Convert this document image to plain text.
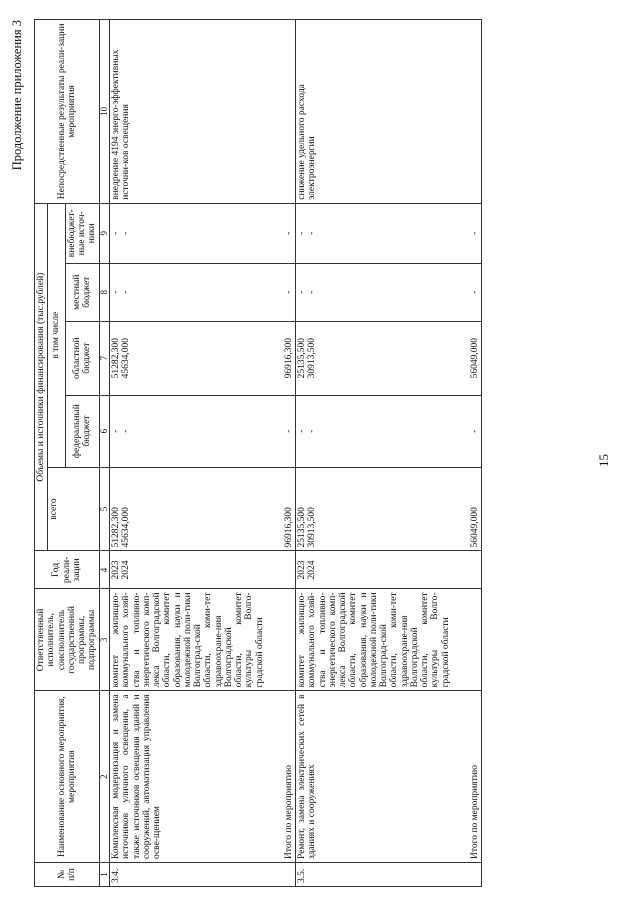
Продолжение приложения 3
№ п/п	Наименование основного мероприятия, мероприятия	Ответственный исполнитель, соисполнитель государственной программы, подпрограммы	Год реали-зации	Объемы и источники финансирования (тыс.рублей)					Непосредственные результаты реали-зации мероприятия
				всего	в том числе				
					федеральный бюджет	областной бюджет	местный бюджет	внебюджет-ные источ-ники	
1	2	3	4	5	6	7	8	9	10
3.4.	Комплексная модернизация и замена источников уличного освещения, а также источников освещения зданий и сооружений, автоматизация управления осве-щением	комитет жилищно-коммунального хозяй-ства и топливно-энергетического комп-лекса Волгоградской области, комитет образования, науки и молодежной поли-тики Волгоград-ской области, коми-тет здравоохране-ния Волгоградской области, комитет культуры Волго-градской области	2023 2024	51282,300 45634,000	- -	51282,300 45634,000	- -	- -	внедрение 4194 энерго-эффективных источни-ков освещения
	Итого по мероприятию			96916,300	-	96916,300	-	-	
3.5.	Ремонт, замена электрических сетей в зданиях и сооружениях	комитет жилищно-коммунального хозяй-ства и топливно-энергетического комп-лекса Волгоградской области, комитет образования, науки и молодежной поли-тики Волгоград-ской области, коми-тет здравоохране-ния Волгоградской области, комитет культуры Волго-градской области	2023 2024	25135,500 30913,500	- -	25135,500 30913,500	- -	- -	снижение удельного расхода электроэнергии
	Итого по мероприятию			56049,000	-	56049,000	-	-	
15
